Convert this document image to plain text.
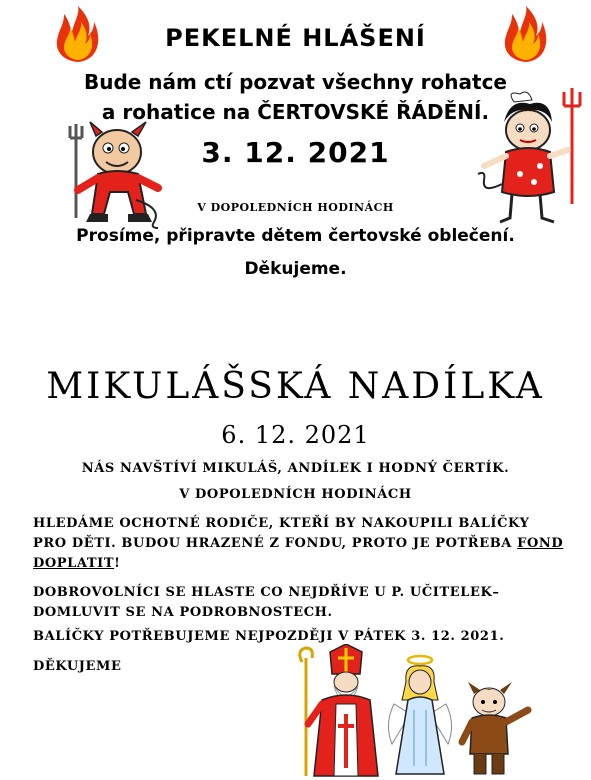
PEKELNÉ HLÁŠENÍ
Bude nám ctí pozvat všechny rohatce
a rohatice na ČERTOVSKÉ ŘÁDĚNÍ.
3. 12. 2021
V DOPOLEDNÍCH HODINÁCH
Prosíme, připravte dětem čertovské oblečení.
Děkujeme.
MIKULÁŠSKÁ NADÍLKA
6. 12. 2021
NÁS NAVŠTÍVÍ MIKULÁŠ, ANDÍLEK I HODNÝ ČERTÍK.
V DOPOLEDNÍCH HODINÁCH
HLEDÁME OCHOTNÉ RODIČE, KTEŘÍ BY NAKOUPILI BALÍČKY PRO DĚTI. BUDOU HRAZENÉ Z FONDU, PROTO JE POTŘEBA FOND DOPLATIT!
DOBROVOLNÍCI SE HLASTE CO NEJDŘÍVE U P. UČITELEK– DOMLUVIT SE NA PODROBNOSTECH.
BALÍČKY POTŘEBUJEME NEJPOZDĚJI V PÁTEK 3. 12. 2021.
DĚKUJEME
